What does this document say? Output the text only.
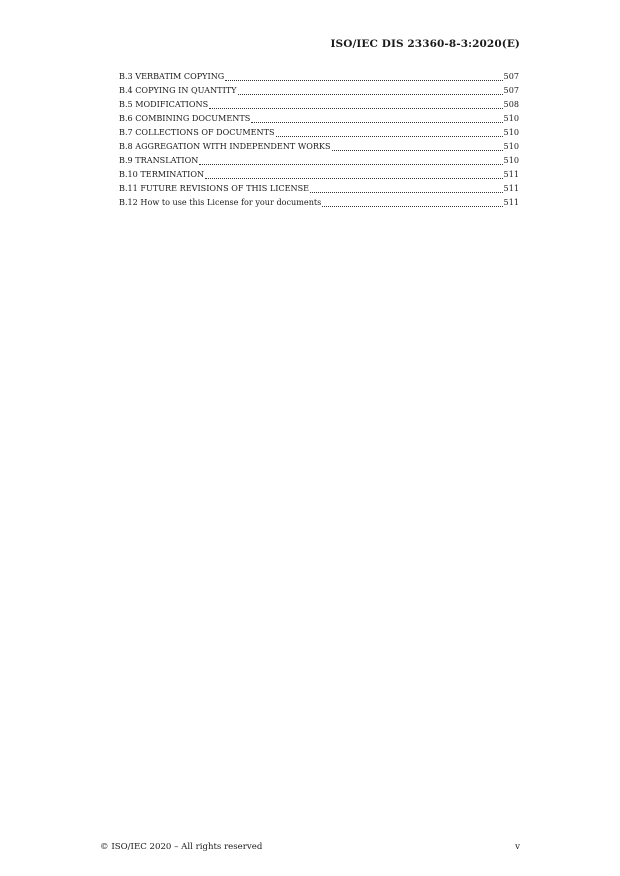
ISO/IEC DIS 23360-8-3:2020(E)
B.3 VERBATIM COPYING	507
B.4 COPYING IN QUANTITY	507
B.5 MODIFICATIONS	508
B.6 COMBINING DOCUMENTS	510
B.7 COLLECTIONS OF DOCUMENTS	510
B.8 AGGREGATION WITH INDEPENDENT WORKS	510
B.9 TRANSLATION	510
B.10 TERMINATION	511
B.11 FUTURE REVISIONS OF THIS LICENSE	511
B.12 How to use this License for your documents	511
© ISO/IEC 2020 – All rights reserved	v
